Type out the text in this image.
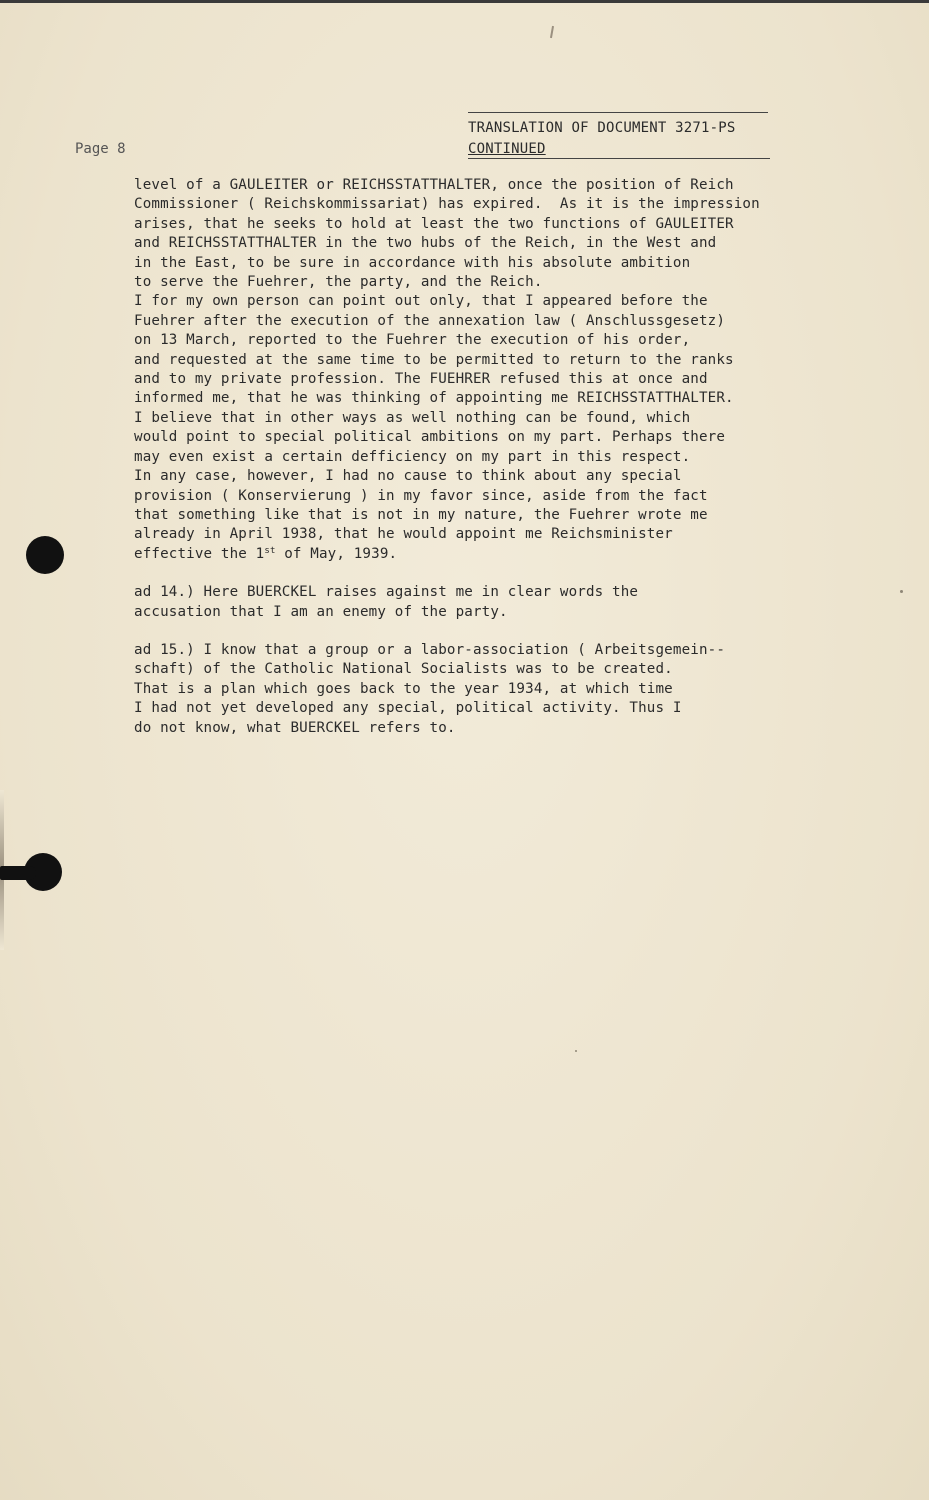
TRANSLATION OF DOCUMENT 3271-PS
CONTINUED
Page 8
level of a GAULEITER or REICHSSTATTHALTER, once the position of Reich
Commissioner ( Reichskommissariat) has expired.  As it is the impression
arises, that he seeks to hold at least the two functions of GAULEITER
and REICHSSTATTHALTER in the two hubs of the Reich, in the West and
in the East, to be sure in accordance with his absolute ambition
to serve the Fuehrer, the party, and the Reich.
I for my own person can point out only, that I appeared before the
Fuehrer after the execution of the annexation law ( Anschlussgesetz)
on 13 March, reported to the Fuehrer the execution of his order,
and requested at the same time to be permitted to return to the ranks
and to my private profession. The FUEHRER refused this at once and
informed me, that he was thinking of appointing me REICHSSTATTHALTER.
I believe that in other ways as well nothing can be found, which
would point to special political ambitions on my part. Perhaps there
may even exist a certain defficiency on my part in this respect.
In any case, however, I had no cause to think about any special
provision ( Konservierung ) in my favor since, aside from the fact
that something like that is not in my nature, the Fuehrer wrote me
already in April 1938, that he would appoint me Reichsminister
effective the 1st of May, 1939.
ad 14.) Here BUERCKEL raises against me in clear words the
accusation that I am an enemy of the party.
ad 15.) I know that a group or a labor-association ( Arbeitsgemein--
schaft) of the Catholic National Socialists was to be created.
That is a plan which goes back to the year 1934, at which time
I had not yet developed any special, political activity. Thus I
do not know, what BUERCKEL refers to.
